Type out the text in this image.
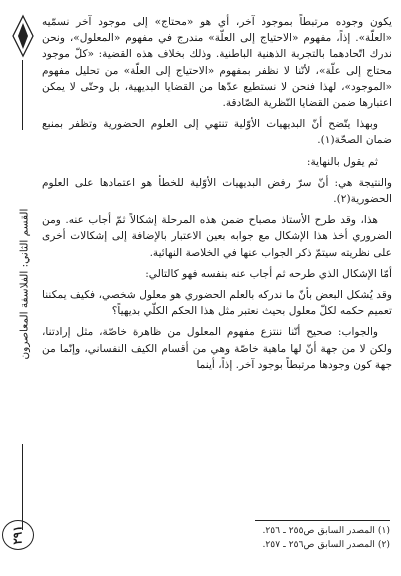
القسم الثاني: الفلاسفة المعاصرون
٢٩١

يكون وجوده مرتبطاً بموجود آخر، أي هو «محتاج» إلى موجود آخر نسمّيه «العلّة». إذاً، مفهوم «الاحتياج إلى العلّة» مندرج في مفهوم «المعلول»، ونحن ندرك اتّحادهما بالتجربة الذهنية الباطنية. وذلك بخلاف هذه القضية: «كلّ موجود محتاج إلى علّة»، لأنّنا لا نظفر بمفهوم «الاحتياج إلى العلّة» من تحليل مفهوم «الموجود»، لهذا فنحن لا نستطيع عدّها من القضايا البديهية، بل وحتّى لا يمكن اعتبارها ضمن القضايا النّظرية الصّادقة.

وبهذا يتّضح أنّ البديهيات الأوّلية تنتهي إلى العلوم الحضورية وتظفر بمنبع ضمان الصحّة(١).

ثم يقول بالنهاية:

والنتيجة هي: أنّ سرّ رفض البديهيات الأوّلية للخطأ هو اعتمادها على العلوم الحضورية(٢).

هذا، وقد طرح الأستاذ مصباح ضمن هذه المرحلة إشكالاً ثمّ أجاب عنه. ومن الضروري أخذ هذا الإشكال مع جوابه بعين الاعتبار بالإضافة إلى إشكالات أخرى على نظريته سيتمّ ذكر الجواب عنها في الخلاصة النهائية.

أمّا الإشكال الذي طرحه ثم أجاب عنه بنفسه فهو كالتالي:

وقد يُشكل البعض بأنّ ما ندركه بالعلم الحضوري هو معلول شخصي، فكيف يمكننا تعميم حكمه لكلّ معلول بحيث نعتبر مثل هذا الحكم الكلّي بديهياً؟

والجواب: صحيح أنّنا ننتزع مفهوم المعلول من ظاهرة خاصّة، مثل إرادتنا، ولكن لا من جهة أنّ لها ماهية خاصّة وهي من أقسام الكيف النفساني، وإنّما من جهة كون وجودها مرتبطاً بوجود آخر. إذاً، أينما

(١) المصدر السابق ص٢٥٥ ـ ٢٥٦.
(٢) المصدر السابق ص٢٥٦ ـ ٢٥٧.
